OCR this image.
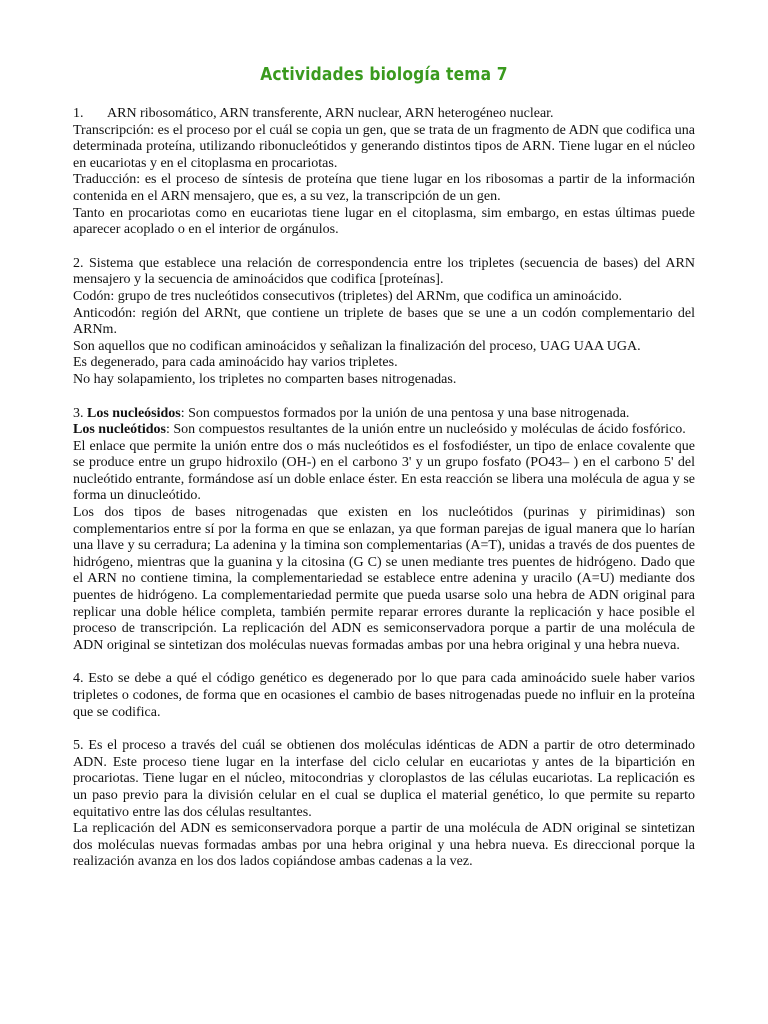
Actividades biología tema 7

1. ARN ribosomático, ARN transferente, ARN nuclear, ARN heterogéneo nuclear.

Transcripción: es el proceso por el cuál se copia un gen, que se trata de un fragmento de ADN que codifica una determinada proteína, utilizando ribonucleótidos y generando distintos tipos de ARN. Tiene lugar en el núcleo en eucariotas y en el citoplasma en procariotas.

Traducción: es el proceso de síntesis de proteína que tiene lugar en los ribosomas a partir de la información contenida en el ARN mensajero, que es, a su vez, la transcripción de un gen.

Tanto en procariotas como en eucariotas tiene lugar en el citoplasma, sim embargo, en estas últimas puede aparecer acoplado o en el interior de orgánulos.

2. Sistema que establece una relación de correspondencia entre los tripletes (secuencia de bases) del ARN mensajero y la secuencia de aminoácidos que codifica [proteínas].

Codón: grupo de tres nucleótidos consecutivos (tripletes) del ARNm, que codifica un aminoácido.

Anticodón: región del ARNt, que contiene un triplete de bases que se une a un codón complementario del ARNm.

Son aquellos que no codifican aminoácidos y señalizan la finalización del proceso, UAG UAA UGA.

Es degenerado, para cada aminoácido hay varios tripletes.

No hay solapamiento, los tripletes no comparten bases nitrogenadas.

3. Los nucleósidos: Son compuestos formados por la unión de una pentosa y una base nitrogenada.

Los nucleótidos: Son compuestos resultantes de la unión entre un nucleósido y moléculas de ácido fosfórico.

El enlace que permite la unión entre dos o más nucleótidos es el fosfodiéster, un tipo de enlace covalente que se produce entre un grupo hidroxilo (OH-) en el carbono 3' y un grupo fosfato (PO43– ) en el carbono 5' del nucleótido entrante, formándose así un doble enlace éster. En esta reacción se libera una molécula de agua y se forma un dinucleótido.

Los dos tipos de bases nitrogenadas que existen en los nucleótidos (purinas y pirimidinas) son complementarios entre sí por la forma en que se enlazan, ya que forman parejas de igual manera que lo harían una llave y su cerradura; La adenina y la timina son complementarias (A=T), unidas a través de dos puentes de hidrógeno, mientras que la guanina y la citosina (G C) se unen mediante tres puentes de hidrógeno. Dado que el ARN no contiene timina, la complementariedad se establece entre adenina y uracilo (A=U) mediante dos puentes de hidrógeno. La complementariedad permite que pueda usarse solo una hebra de ADN original para replicar una doble hélice completa, también permite reparar errores durante la replicación y hace posible el proceso de transcripción. La replicación del ADN es semiconservadora porque a partir de una molécula de ADN original se sintetizan dos moléculas nuevas formadas ambas por una hebra original y una hebra nueva.

4. Esto se debe a qué el código genético es degenerado por lo que para cada aminoácido suele haber varios tripletes o codones, de forma que en ocasiones el cambio de bases nitrogenadas puede no influir en la proteína que se codifica.

5. Es el proceso a través del cuál se obtienen dos moléculas idénticas de ADN a partir de otro determinado ADN. Este proceso tiene lugar en la interfase del ciclo celular en eucariotas y antes de la bipartición en procariotas. Tiene lugar en el núcleo, mitocondrias y cloroplastos de las células eucariotas. La replicación es un paso previo para la división celular en el cual se duplica el material genético, lo que permite su reparto equitativo entre las dos células resultantes.

La replicación del ADN es semiconservadora porque a partir de una molécula de ADN original se sintetizan dos moléculas nuevas formadas ambas por una hebra original y una hebra nueva. Es direccional porque la realización avanza en los dos lados copiándose ambas cadenas a la vez.
